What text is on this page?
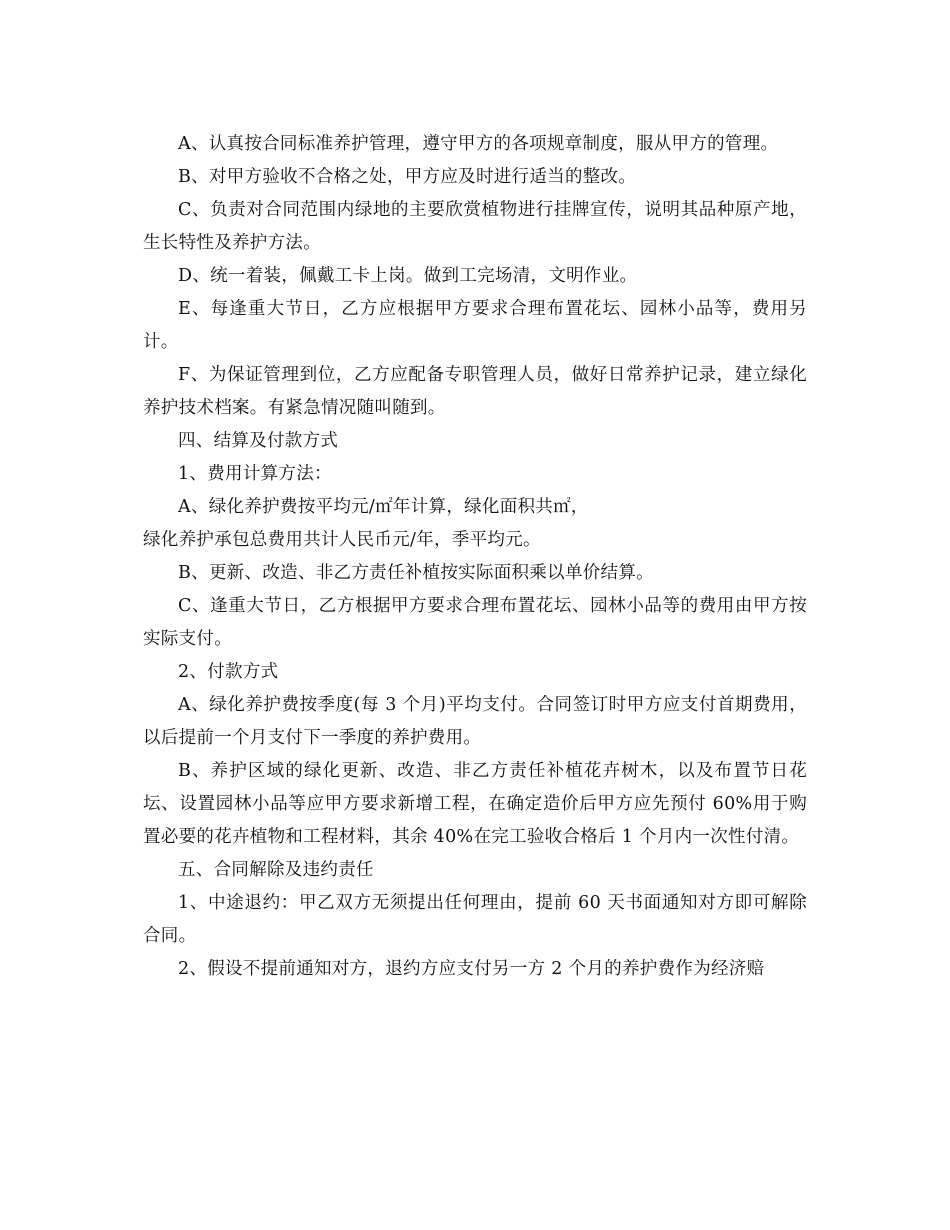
A、认真按合同标准养护管理，遵守甲方的各项规章制度，服从甲方的管理。

B、对甲方验收不合格之处，甲方应及时进行适当的整改。

C、负责对合同范围内绿地的主要欣赏植物进行挂牌宣传，说明其品种原产地，生长特性及养护方法。

D、统一着装，佩戴工卡上岗。做到工完场清，文明作业。

E、每逢重大节日，乙方应根据甲方要求合理布置花坛、园林小品等，费用另计。

F、为保证管理到位，乙方应配备专职管理人员，做好日常养护记录，建立绿化养护技术档案。有紧急情况随叫随到。

四、结算及付款方式

1、费用计算方法：

A、绿化养护费按平均元/㎡年计算，绿化面积共㎡，

绿化养护承包总费用共计人民币元/年，季平均元。

B、更新、改造、非乙方责任补植按实际面积乘以单价结算。

C、逢重大节日，乙方根据甲方要求合理布置花坛、园林小品等的费用由甲方按实际支付。

2、付款方式

A、绿化养护费按季度(每 3 个月)平均支付。合同签订时甲方应支付首期费用，以后提前一个月支付下一季度的养护费用。

B、养护区域的绿化更新、改造、非乙方责任补植花卉树木，以及布置节日花坛、设置园林小品等应甲方要求新增工程，在确定造价后甲方应先预付 60%用于购置必要的花卉植物和工程材料，其余 40%在完工验收合格后 1 个月内一次性付清。

五、合同解除及违约责任

1、中途退约：甲乙双方无须提出任何理由，提前 60 天书面通知对方即可解除合同。

2、假设不提前通知对方，退约方应支付另一方 2 个月的养护费作为经济赔
